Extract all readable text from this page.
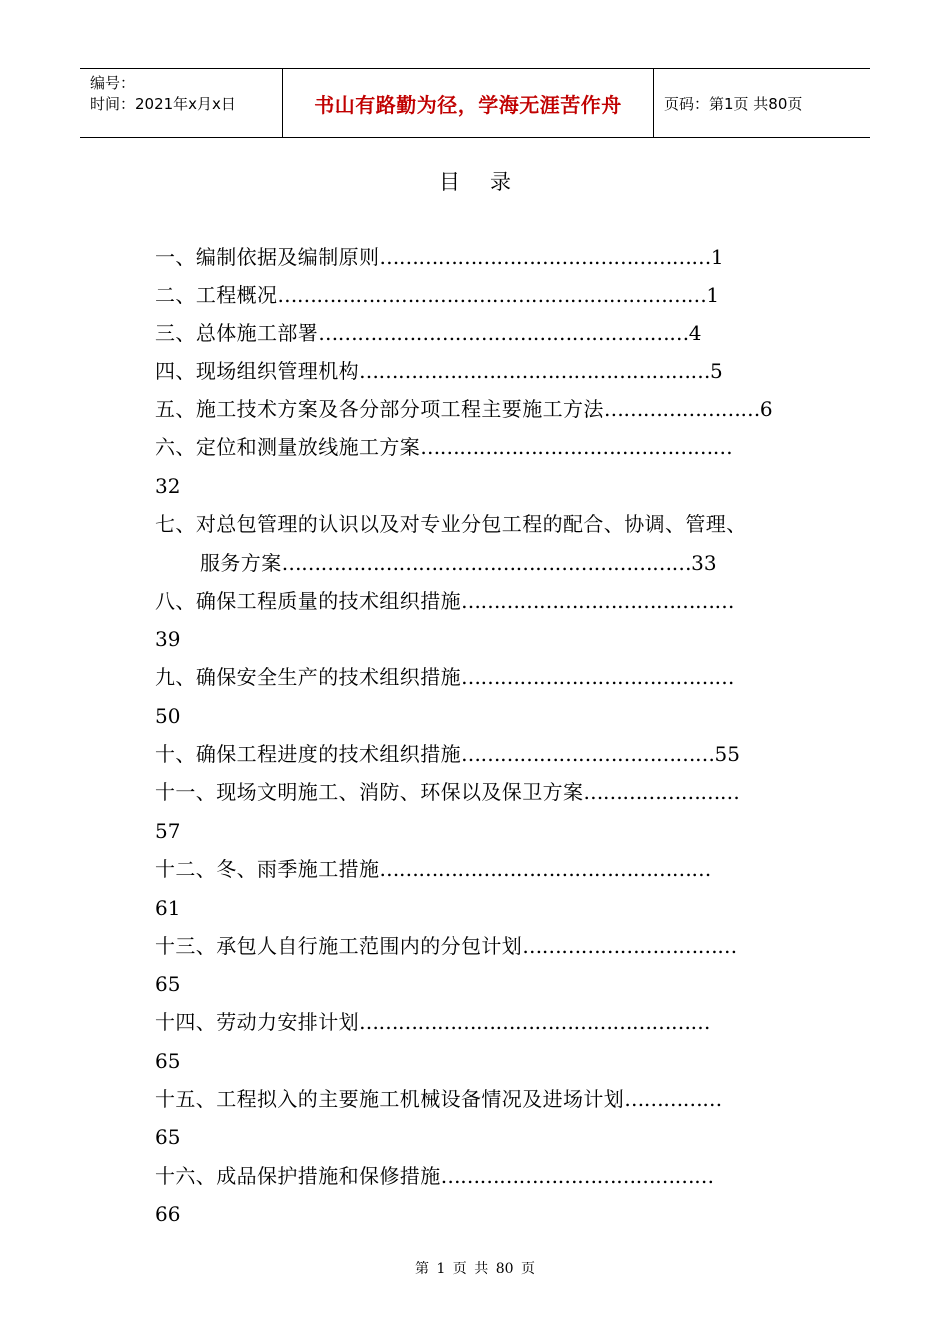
编号：
时间：2021年x月x日	书山有路勤为径，学海无涯苦作舟	页码：第1页 共80页
目录
一、编制依据及编制原则……………………………………………1
二、工程概况…………………………………………………………1
三、总体施工部署…………………………………………………4
四、现场组织管理机构………………………………………………5
五、施工技术方案及各分部分项工程主要施工方法……………………6
六、定位和测量放线施工方案…………………………………………
32
七、对总包管理的认识以及对专业分包工程的配合、协调、管理、
服务方案………………………………………………………33
八、确保工程质量的技术组织措施……………………………………
39
九、确保安全生产的技术组织措施……………………………………
50
十、确保工程进度的技术组织措施…………………………………55
十一、现场文明施工、消防、环保以及保卫方案……………………
57
十二、冬、雨季施工措施……………………………………………
61
十三、承包人自行施工范围内的分包计划……………………………
65
十四、劳动力安排计划………………………………………………
65
十五、工程拟入的主要施工机械设备情况及进场计划……………
65
十六、成品保护措施和保修措施……………………………………
66
第 1 页 共 80 页
